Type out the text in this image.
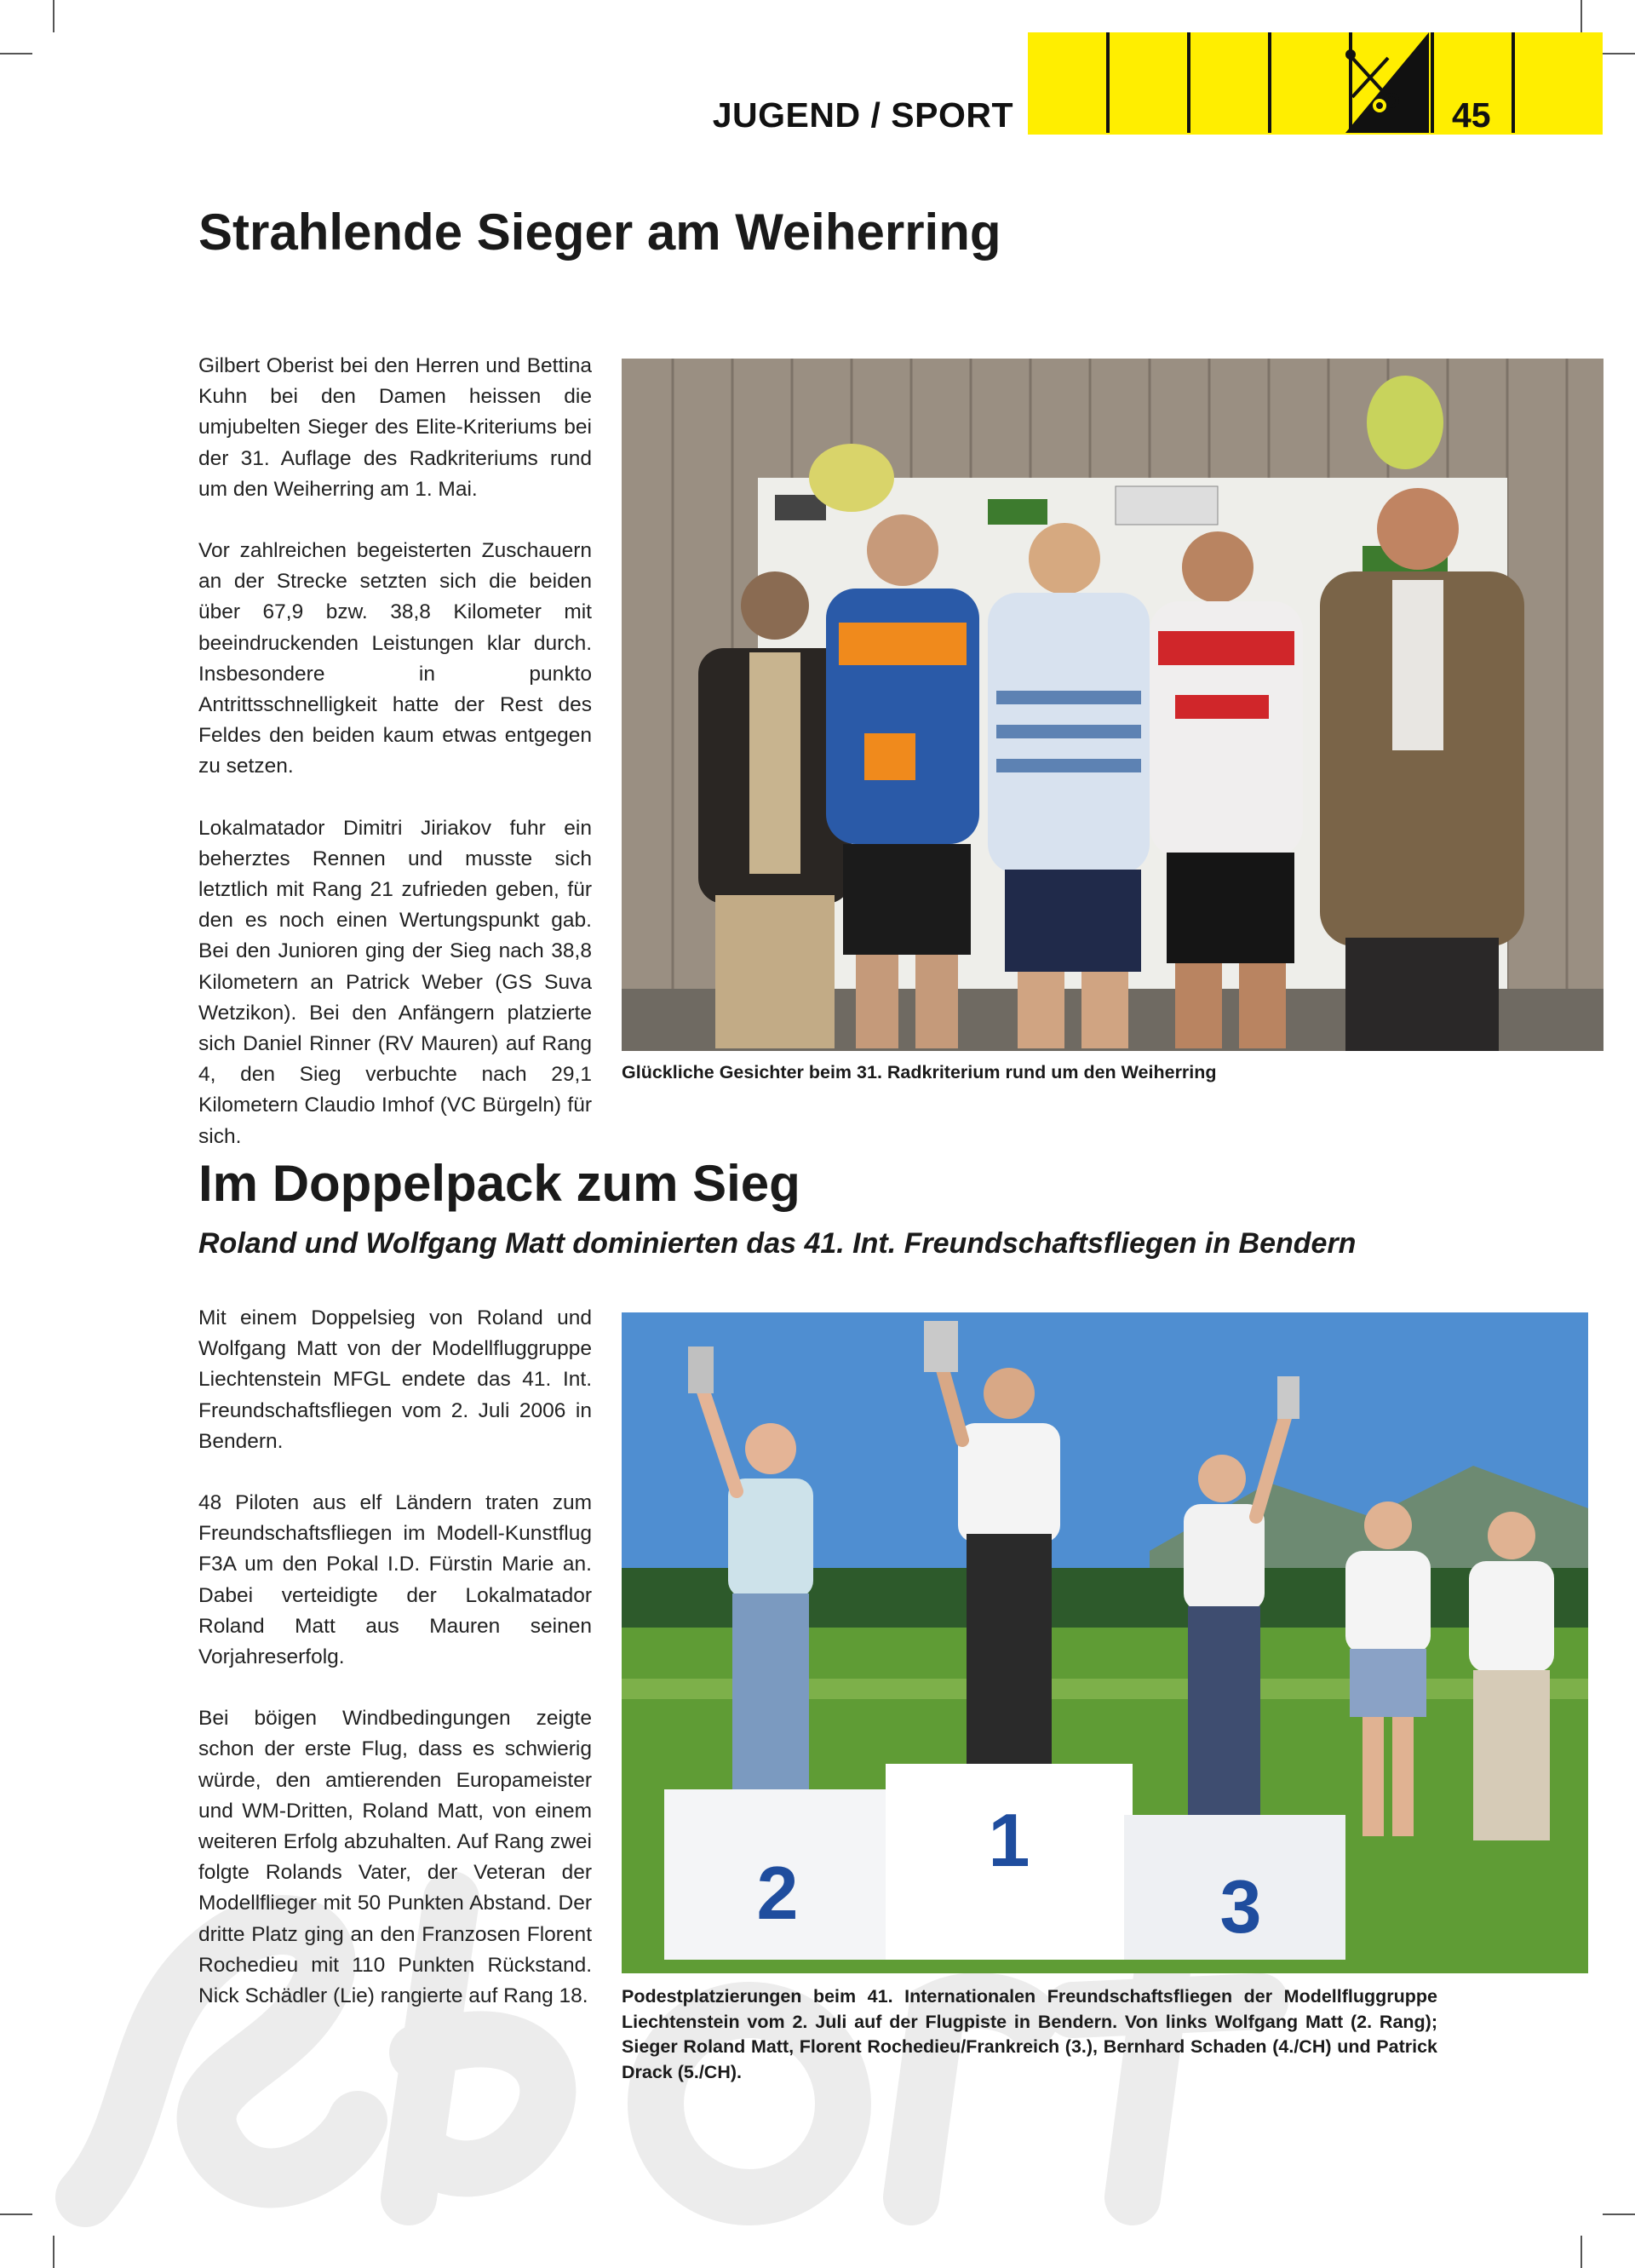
JUGEND / SPORT	45
Strahlende Sieger am Weiherring

Gilbert Oberist bei den Herren und Bettina Kuhn bei den Damen heissen die umjubelten Sieger des Elite-Kriteriums bei der 31. Auflage des Radkriteriums rund um den Weiherring am 1. Mai.

Vor zahlreichen begeisterten Zuschauern an der Strecke setzten sich die beiden über 67,9 bzw. 38,8 Kilometer mit beeindruckenden Leistungen klar durch. Insbesondere in punkto Antrittsschnelligkeit hatte der Rest des Feldes den beiden kaum etwas entgegen zu setzen.

Lokalmatador Dimitri Jiriakov fuhr ein beherztes Rennen und musste sich letztlich mit Rang 21 zufrieden geben, für den es noch einen Wertungspunkt gab. Bei den Junioren ging der Sieg nach 38,8 Kilometern an Patrick Weber (GS Suva Wetzikon). Bei den Anfängern platzierte sich Daniel Rinner (RV Mauren) auf Rang 4, den Sieg verbuchte nach 29,1 Kilometern Claudio Imhof (VC Bürgeln) für sich.

Glückliche Gesichter beim 31. Radkriterium rund um den Weiherring
Im Doppelpack zum Sieg
Roland und Wolfgang Matt dominierten das 41. Int. Freundschaftsfliegen in Bendern

Mit einem Doppelsieg von Roland und Wolfgang Matt von der Modellfluggruppe Liechtenstein MFGL endete das 41. Int. Freundschaftsfliegen vom 2. Juli 2006 in Bendern.

48 Piloten aus elf Ländern traten zum Freundschaftsfliegen im Modell-Kunstflug F3A um den Pokal I.D. Fürstin Marie an. Dabei verteidigte der Lokalmatador Roland Matt aus Mauren seinen Vorjahreserfolg.

Bei böigen Windbedingungen zeigte schon der erste Flug, dass es schwierig würde, den amtierenden Europameister und WM-Dritten, Roland Matt, von einem weiteren Erfolg abzuhalten. Auf Rang zwei folgte Rolands Vater, der Veteran der Modellflieger mit 50 Punkten Abstand. Der dritte Platz ging an den Franzosen Florent Rochedieu mit 110 Punkten Rückstand. Nick Schädler (Lie) rangierte auf Rang 18.

2
1
3
Podestplatzierungen beim 41. Internationalen Freundschaftsfliegen der Modellfluggruppe Liechtenstein vom 2. Juli auf der Flugpiste in Bendern. Von links Wolfgang Matt (2. Rang); Sieger Roland Matt, Florent Rochedieu/Frankreich (3.), Bernhard Schaden (4./CH) und Patrick Drack (5./CH).
